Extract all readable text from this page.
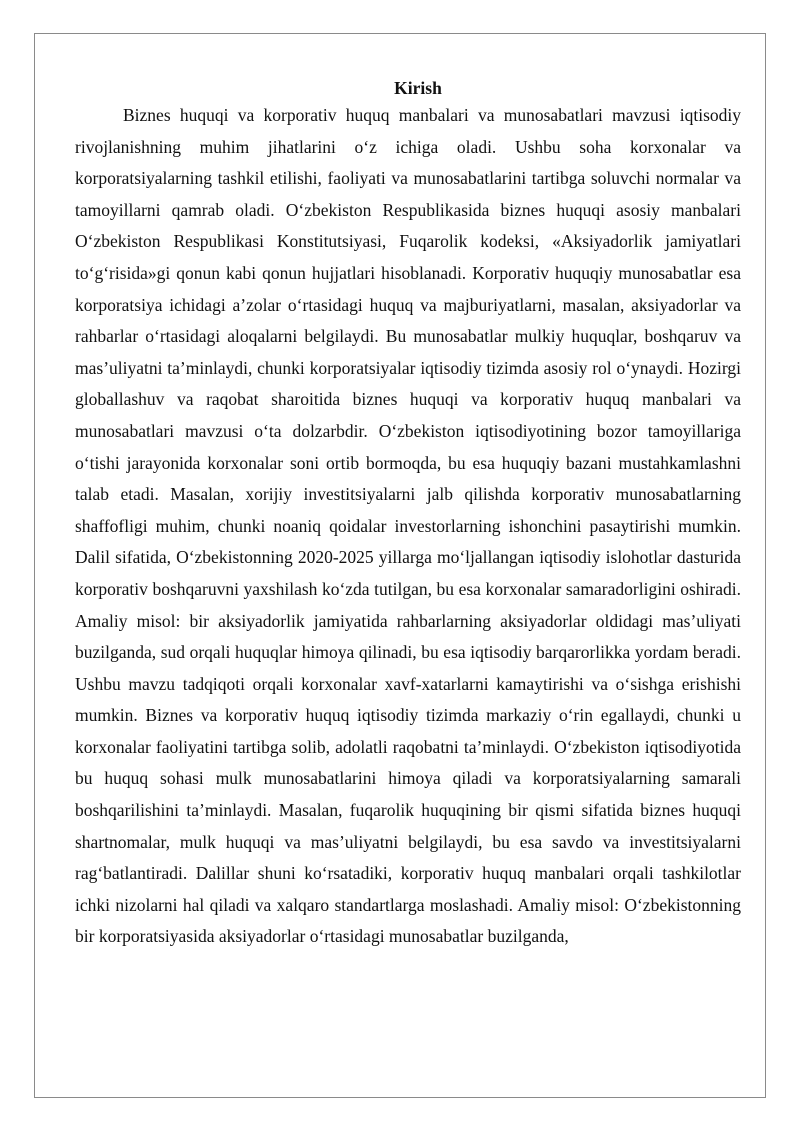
Kirish

Biznes huquqi va korporativ huquq manbalari va munosabatlari mavzusi iqtisodiy rivojlanishning muhim jihatlarini o‘z ichiga oladi. Ushbu soha korxonalar va korporatsiyalarning tashkil etilishi, faoliyati va munosabatlarini tartibga soluvchi normalar va tamoyillarni qamrab oladi. O‘zbekiston Respublikasida biznes huquqi asosiy manbalari O‘zbekiston Respublikasi Konstitutsiyasi, Fuqarolik kodeksi, «Aksiyadorlik jamiyatlari to‘g‘risida»gi qonun kabi qonun hujjatlari hisoblanadi. Korporativ huquqiy munosabatlar esa korporatsiya ichidagi a’zolar o‘rtasidagi huquq va majburiyatlarni, masalan, aksiyadorlar va rahbarlar o‘rtasidagi aloqalarni belgilaydi. Bu munosabatlar mulkiy huquqlar, boshqaruv va mas’uliyatni ta’minlaydi, chunki korporatsiyalar iqtisodiy tizimda asosiy rol o‘ynaydi. Hozirgi globallashuv va raqobat sharoitida biznes huquqi va korporativ huquq manbalari va munosabatlari mavzusi o‘ta dolzarbdir. O‘zbekiston iqtisodiyotining bozor tamoyillariga o‘tishi jarayonida korxonalar soni ortib bormoqda, bu esa huquqiy bazani mustahkamlashni talab etadi. Masalan, xorijiy investitsiyalarni jalb qilishda korporativ munosabatlarning shaffofligi muhim, chunki noaniq qoidalar investorlarning ishonchini pasaytirishi mumkin. Dalil sifatida, O‘zbekistonning 2020-2025 yillarga mo‘ljallangan iqtisodiy islohotlar dasturida korporativ boshqaruvni yaxshilash ko‘zda tutilgan, bu esa korxonalar samaradorligini oshiradi. Amaliy misol: bir aksiyadorlik jamiyatida rahbarlarning aksiyadorlar oldidagi mas’uliyati buzilganda, sud orqali huquqlar himoya qilinadi, bu esa iqtisodiy barqarorlikka yordam beradi. Ushbu mavzu tadqiqoti orqali korxonalar xavf-xatarlarni kamaytirishi va o‘sishga erishishi mumkin. Biznes va korporativ huquq iqtisodiy tizimda markaziy o‘rin egallaydi, chunki u korxonalar faoliyatini tartibga solib, adolatli raqobatni ta’minlaydi. O‘zbekiston iqtisodiyotida bu huquq sohasi mulk munosabatlarini himoya qiladi va korporatsiyalarning samarali boshqarilishini ta’minlaydi. Masalan, fuqarolik huquqining bir qismi sifatida biznes huquqi shartnomalar, mulk huquqi va mas’uliyatni belgilaydi, bu esa savdo va investitsiyalarni rag‘batlantiradi. Dalillar shuni ko‘rsatadiki, korporativ huquq manbalari orqali tashkilotlar ichki nizolarni hal qiladi va xalqaro standartlarga moslashadi. Amaliy misol: O‘zbekistonning bir korporatsiyasida aksiyadorlar o‘rtasidagi munosabatlar buzilganda,
